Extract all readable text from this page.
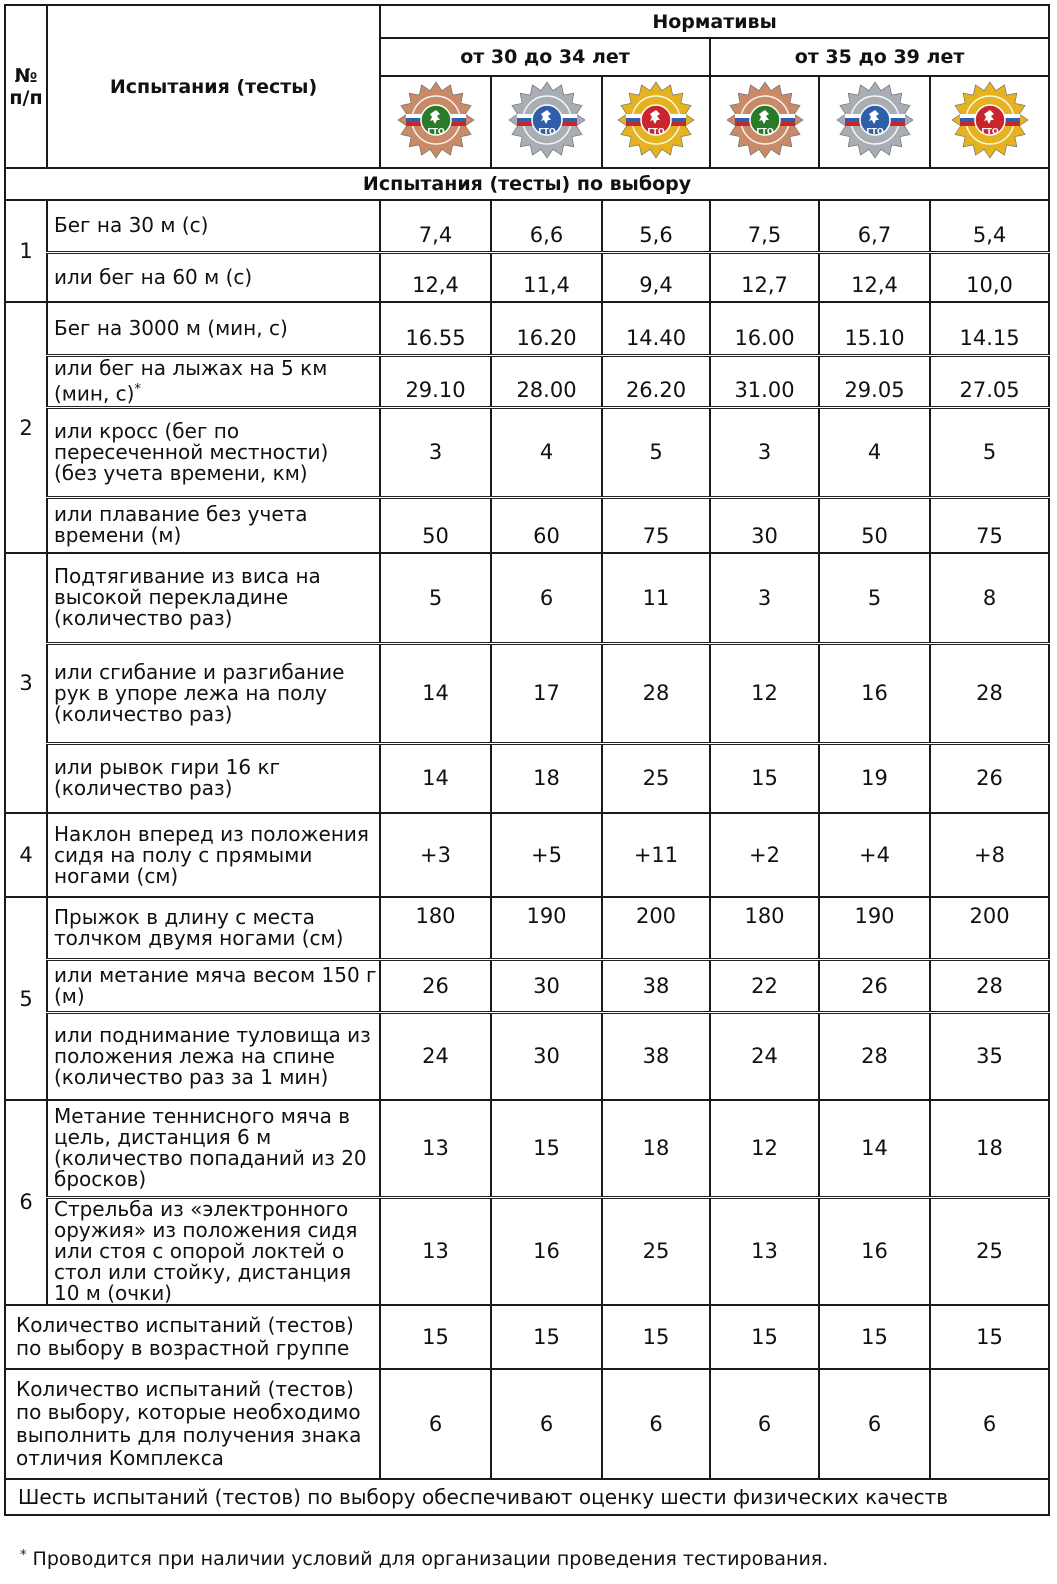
№
п/п	Испытания (тесты)	Нормативы					
		от 30 до 34 лет			от 35 до 39 лет		

ГТО	ГТО	ГТО	ГТО	ГТО	ГТО

Испытания (тесты) по выбору							
1	Бег на 30 м (с)	7,4	6,6	5,6	7,5	6,7	5,4
	или бег на 60 м (с)	12,4	11,4	9,4	12,7	12,4	10,0
2	Бег на 3000 м (мин, с)	16.55	16.20	14.40	16.00	15.10	14.15
	или бег на лыжах на 5 км (мин, с)*	29.10	28.00	26.20	31.00	29.05	27.05
	или кросс (бег по пересеченной местности) (без учета времени, км)	3	4	5	3	4	5
	или плавание без учета времени (м)	50	60	75	30	50	75
3	Подтягивание из виса на высокой перекладине (количество раз)	5	6	11	3	5	8
	или сгибание и разгибание рук в упоре лежа на полу (количество раз)	14	17	28	12	16	28
	или рывок гири 16 кг (количество раз)	14	18	25	15	19	26
4	Наклон вперед из положения сидя на полу с прямыми ногами (см)	+3	+5	+11	+2	+4	+8
5	Прыжок в длину с места толчком двумя ногами (см)	180	190	200	180	190	200
	или метание мяча весом 150 г (м)	26	30	38	22	26	28
	или поднимание туловища из положения лежа на спине (количество раз за 1 мин)	24	30	38	24	28	35
6	Метание теннисного мяча в цель, дистанция 6 м (количество попаданий из 20 бросков)	13	15	18	12	14	18
	Стрельба из «электронного оружия» из положения сидя или стоя с опорой локтей о стол или стойку, дистанция 10 м (очки)	13	16	25	13	16	25
Количество испытаний (тестов) по выбору в возрастной группе		15	15	15	15	15	15
Количество испытаний (тестов) по выбору, которые необходимо выполнить для получения знака отличия Комплекса		6	6	6	6	6	6
Шесть испытаний (тестов) по выбору обеспечивают оценку шести физических качеств							
* Проводится при наличии условий для организации проведения тестирования.
